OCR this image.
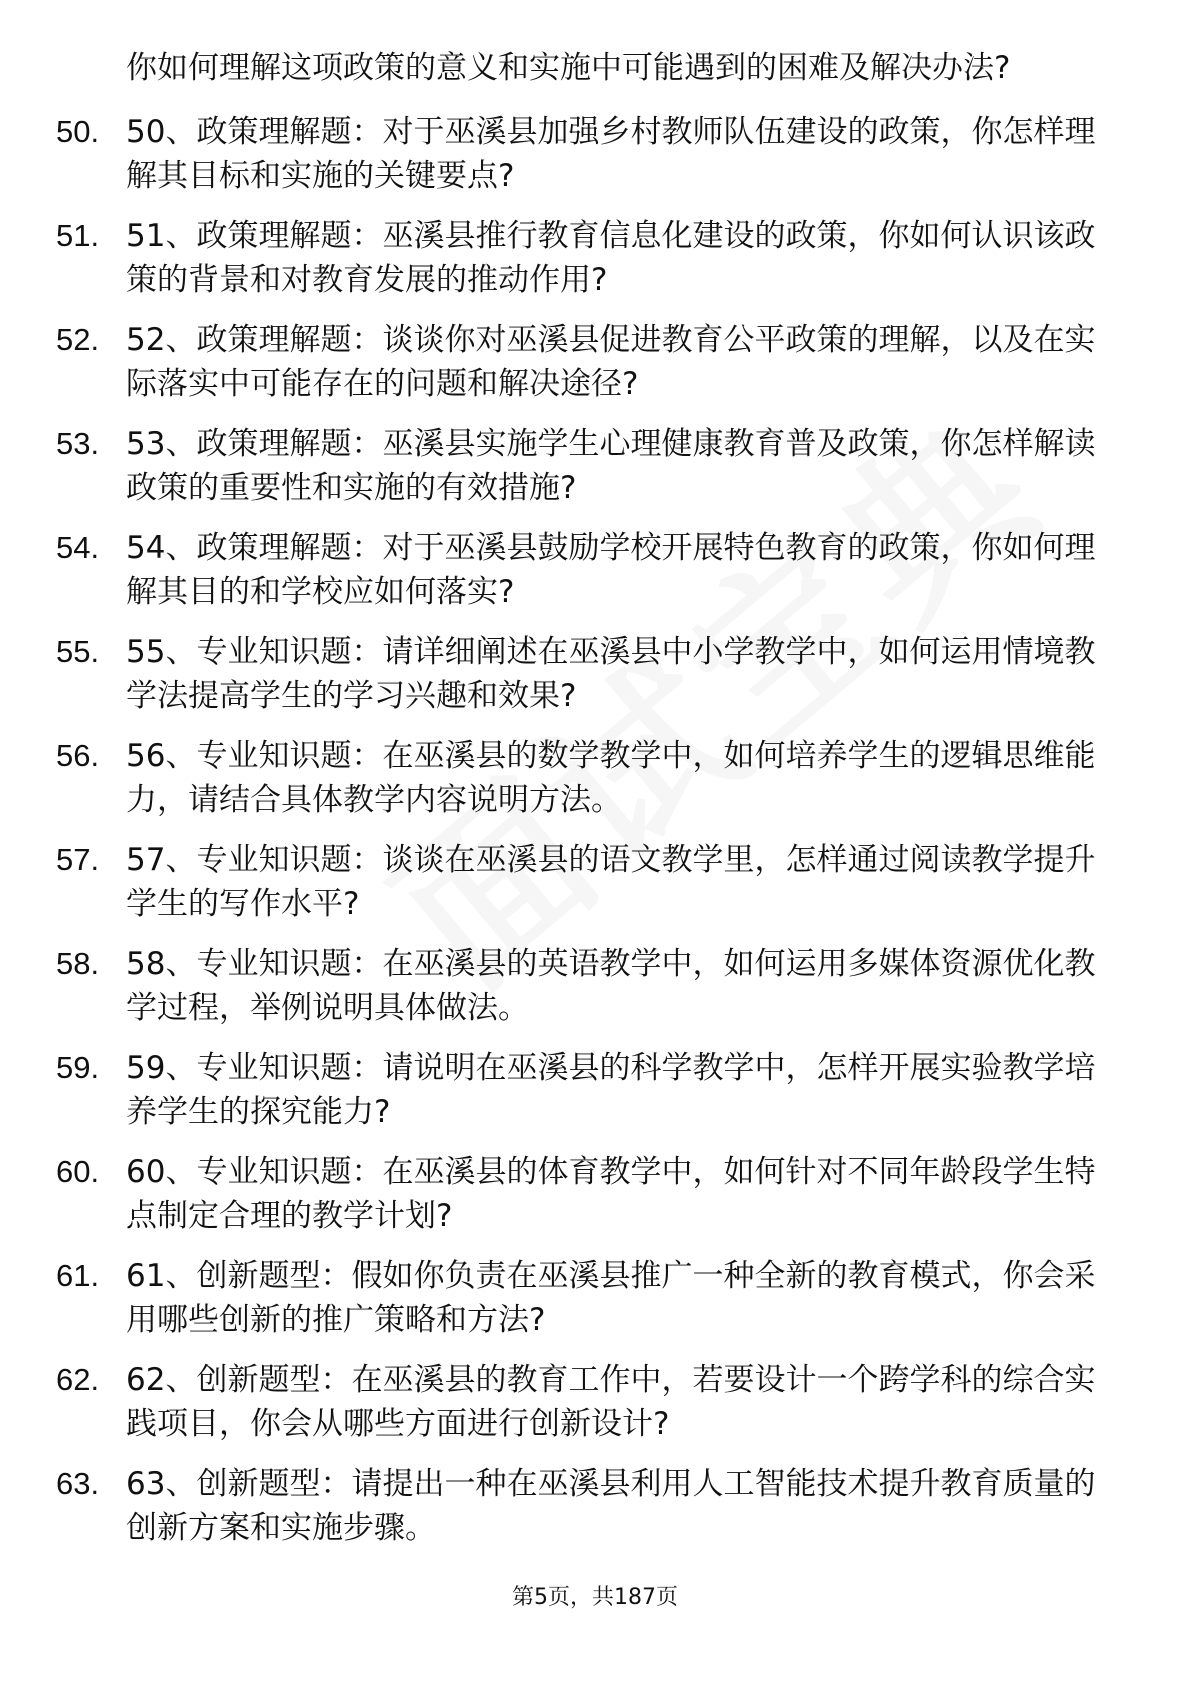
你如何理解这项政策的意义和实施中可能遇到的困难及解决办法?
50. 50、政策理解题：对于巫溪县加强乡村教师队伍建设的政策，你怎样理解其目标和实施的关键要点?
51. 51、政策理解题：巫溪县推行教育信息化建设的政策，你如何认识该政策的背景和对教育发展的推动作用?
52. 52、政策理解题：谈谈你对巫溪县促进教育公平政策的理解，以及在实际落实中可能存在的问题和解决途径?
53. 53、政策理解题：巫溪县实施学生心理健康教育普及政策，你怎样解读政策的重要性和实施的有效措施?
54. 54、政策理解题：对于巫溪县鼓励学校开展特色教育的政策，你如何理解其目的和学校应如何落实?
55. 55、专业知识题：请详细阐述在巫溪县中小学教学中，如何运用情境教学法提高学生的学习兴趣和效果?
56. 56、专业知识题：在巫溪县的数学教学中，如何培养学生的逻辑思维能力，请结合具体教学内容说明方法。
57. 57、专业知识题：谈谈在巫溪县的语文教学里，怎样通过阅读教学提升学生的写作水平?
58. 58、专业知识题：在巫溪县的英语教学中，如何运用多媒体资源优化教学过程，举例说明具体做法。
59. 59、专业知识题：请说明在巫溪县的科学教学中，怎样开展实验教学培养学生的探究能力?
60. 60、专业知识题：在巫溪县的体育教学中，如何针对不同年龄段学生特点制定合理的教学计划?
61. 61、创新题型：假如你负责在巫溪县推广一种全新的教育模式，你会采用哪些创新的推广策略和方法?
62. 62、创新题型：在巫溪县的教育工作中，若要设计一个跨学科的综合实践项目，你会从哪些方面进行创新设计?
63. 63、创新题型：请提出一种在巫溪县利用人工智能技术提升教育质量的创新方案和实施步骤。
第5页，共187页
